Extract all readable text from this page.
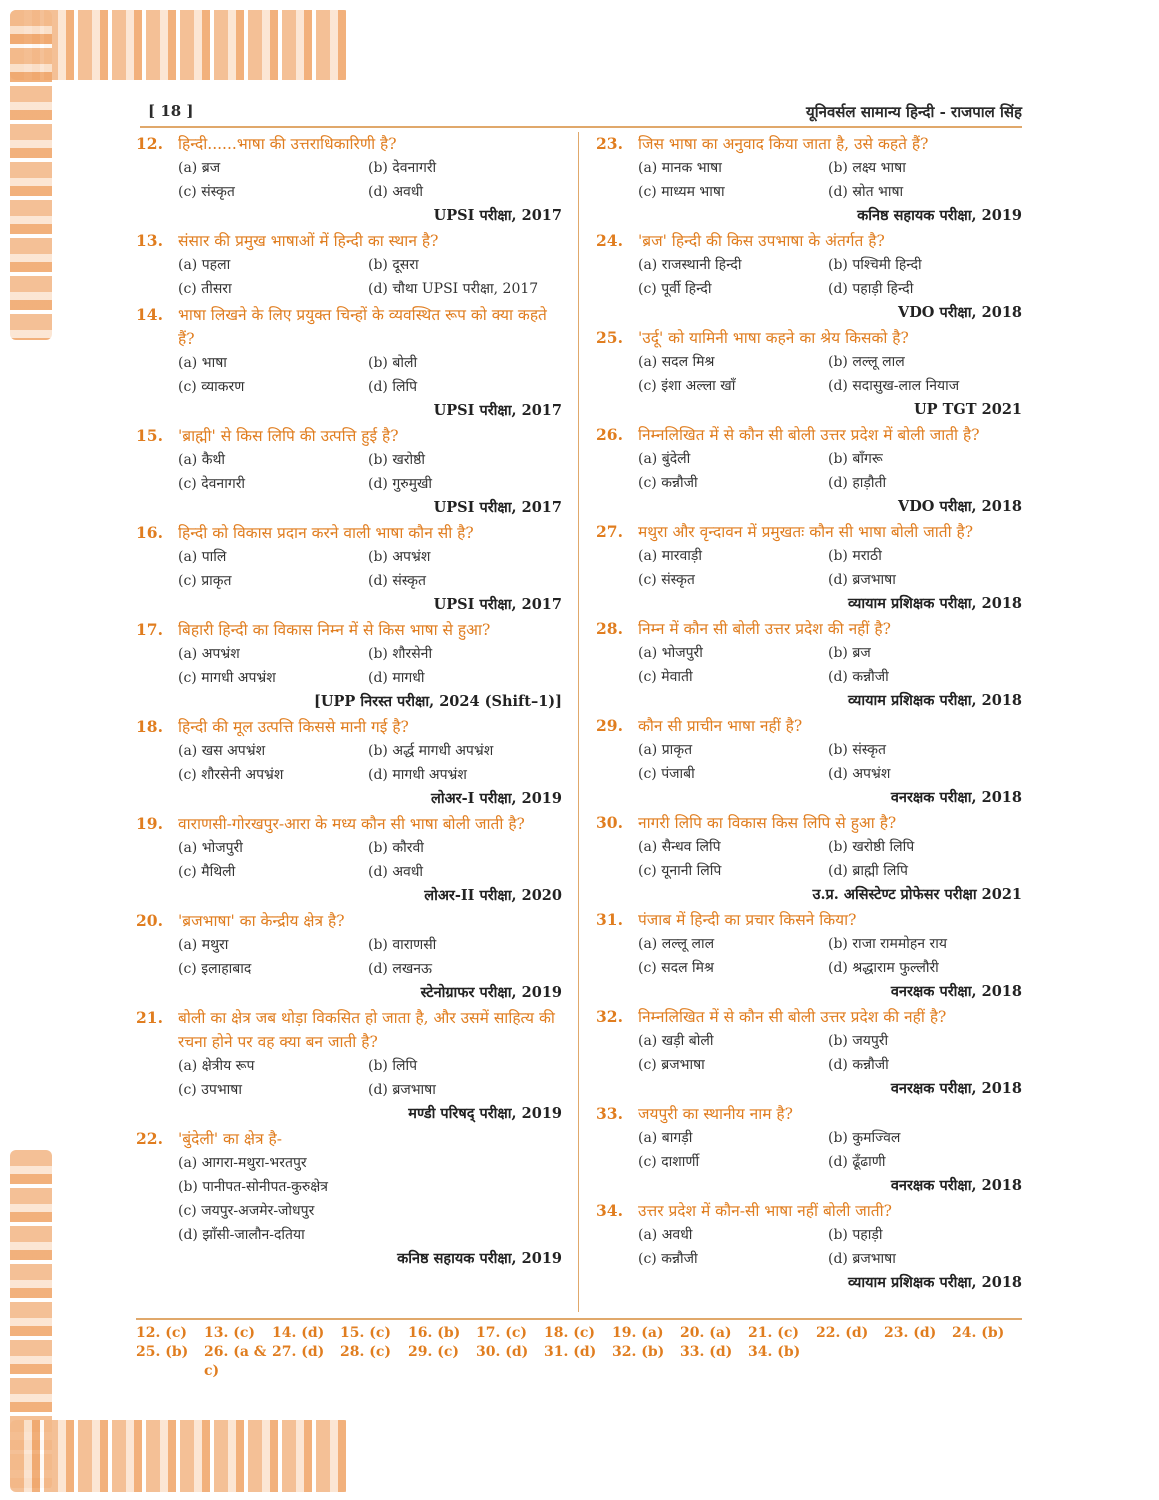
[ 18 ]	यूनिवर्सल सामान्य हिन्दी - राजपाल सिंह
12. हिन्दी......भाषा की उत्तराधिकारिणी है?
(a) ब्रज	(b) देवनागरी
(c) संस्कृत	(d) अवधी
UPSI परीक्षा, 2017
13. संसार की प्रमुख भाषाओं में हिन्दी का स्थान है?
(a) पहला	(b) दूसरा
(c) तीसरा	(d) चौथा UPSI परीक्षा, 2017
14. भाषा लिखने के लिए प्रयुक्त चिन्हों के व्यवस्थित रूप को क्या कहते हैं?
(a) भाषा	(b) बोली
(c) व्याकरण	(d) लिपि
UPSI परीक्षा, 2017
15. 'ब्राह्मी' से किस लिपि की उत्पत्ति हुई है?
(a) कैथी	(b) खरोष्ठी
(c) देवनागरी	(d) गुरुमुखी
UPSI परीक्षा, 2017
16. हिन्दी को विकास प्रदान करने वाली भाषा कौन सी है?
(a) पालि	(b) अपभ्रंश
(c) प्राकृत	(d) संस्कृत
UPSI परीक्षा, 2017
17. बिहारी हिन्दी का विकास निम्न में से किस भाषा से हुआ?
(a) अपभ्रंश	(b) शौरसेनी
(c) मागधी अपभ्रंश	(d) मागधी
[UPP निरस्त परीक्षा, 2024 (Shift–1)]
18. हिन्दी की मूल उत्पत्ति किससे मानी गई है?
(a) खस अपभ्रंश	(b) अर्द्ध मागधी अपभ्रंश
(c) शौरसेनी अपभ्रंश	(d) मागधी अपभ्रंश
लोअर-I परीक्षा, 2019
19. वाराणसी-गोरखपुर-आरा के मध्य कौन सी भाषा बोली जाती है?
(a) भोजपुरी	(b) कौरवी
(c) मैथिली	(d) अवधी
लोअर-II परीक्षा, 2020
20. 'ब्रजभाषा' का केन्द्रीय क्षेत्र है?
(a) मथुरा	(b) वाराणसी
(c) इलाहाबाद	(d) लखनऊ
स्टेनोग्राफर परीक्षा, 2019
21. बोली का क्षेत्र जब थोड़ा विकसित हो जाता है, और उसमें साहित्य की रचना होने पर वह क्या बन जाती है?
(a) क्षेत्रीय रूप	(b) लिपि
(c) उपभाषा	(d) ब्रजभाषा
मण्डी परिषद् परीक्षा, 2019
22. 'बुंदेली' का क्षेत्र है-
(a) आगरा-मथुरा-भरतपुर
(b) पानीपत-सोनीपत-कुरुक्षेत्र
(c) जयपुर-अजमेर-जोधपुर
(d) झाँसी-जालौन-दतिया
कनिष्ठ सहायक परीक्षा, 2019
23. जिस भाषा का अनुवाद किया जाता है, उसे कहते हैं?
(a) मानक भाषा	(b) लक्ष्य भाषा
(c) माध्यम भाषा	(d) स्रोत भाषा
कनिष्ठ सहायक परीक्षा, 2019
24. 'ब्रज' हिन्दी की किस उपभाषा के अंतर्गत है?
(a) राजस्थानी हिन्दी	(b) पश्चिमी हिन्दी
(c) पूर्वी हिन्दी	(d) पहाड़ी हिन्दी
VDO परीक्षा, 2018
25. 'उर्दू' को यामिनी भाषा कहने का श्रेय किसको है?
(a) सदल मिश्र	(b) लल्लू लाल
(c) इंशा अल्ला खाँ	(d) सदासुख-लाल नियाज
UP TGT 2021
26. निम्नलिखित में से कौन सी बोली उत्तर प्रदेश में बोली जाती है?
(a) बुंदेली	(b) बाँगरू
(c) कन्नौजी	(d) हाड़ौती
VDO परीक्षा, 2018
27. मथुरा और वृन्दावन में प्रमुखतः कौन सी भाषा बोली जाती है?
(a) मारवाड़ी	(b) मराठी
(c) संस्कृत	(d) ब्रजभाषा
व्यायाम प्रशिक्षक परीक्षा, 2018
28. निम्न में कौन सी बोली उत्तर प्रदेश की नहीं है?
(a) भोजपुरी	(b) ब्रज
(c) मेवाती	(d) कन्नौजी
व्यायाम प्रशिक्षक परीक्षा, 2018
29. कौन सी प्राचीन भाषा नहीं है?
(a) प्राकृत	(b) संस्कृत
(c) पंजाबी	(d) अपभ्रंश
वनरक्षक परीक्षा, 2018
30. नागरी लिपि का विकास किस लिपि से हुआ है?
(a) सैन्धव लिपि	(b) खरोष्ठी लिपि
(c) यूनानी लिपि	(d) ब्राह्मी लिपि
उ.प्र. असिस्टेण्ट प्रोफेसर परीक्षा 2021
31. पंजाब में हिन्दी का प्रचार किसने किया?
(a) लल्लू लाल	(b) राजा राममोहन राय
(c) सदल मिश्र	(d) श्रद्धाराम फुल्लौरी
वनरक्षक परीक्षा, 2018
32. निम्नलिखित में से कौन सी बोली उत्तर प्रदेश की नहीं है?
(a) खड़ी बोली	(b) जयपुरी
(c) ब्रजभाषा	(d) कन्नौजी
वनरक्षक परीक्षा, 2018
33. जयपुरी का स्थानीय नाम है?
(a) बागड़ी	(b) कुमज्विल
(c) दाशार्णी	(d) ढूँढाणी
वनरक्षक परीक्षा, 2018
34. उत्तर प्रदेश में कौन-सी भाषा नहीं बोली जाती?
(a) अवधी	(b) पहाड़ी
(c) कन्नौजी	(d) ब्रजभाषा
व्यायाम प्रशिक्षक परीक्षा, 2018
12. (c)	13. (c)	14. (d)	15. (c)	16. (b)	17. (c)	18. (c)	19. (a)	20. (a)	21. (c)	22. (d)	23. (d)	24. (b)
25. (b)	26. (a & c)
27. (d)	28. (c)	29. (c)	30. (d)	31. (d)	32. (b)	33. (d)	34. (b)
